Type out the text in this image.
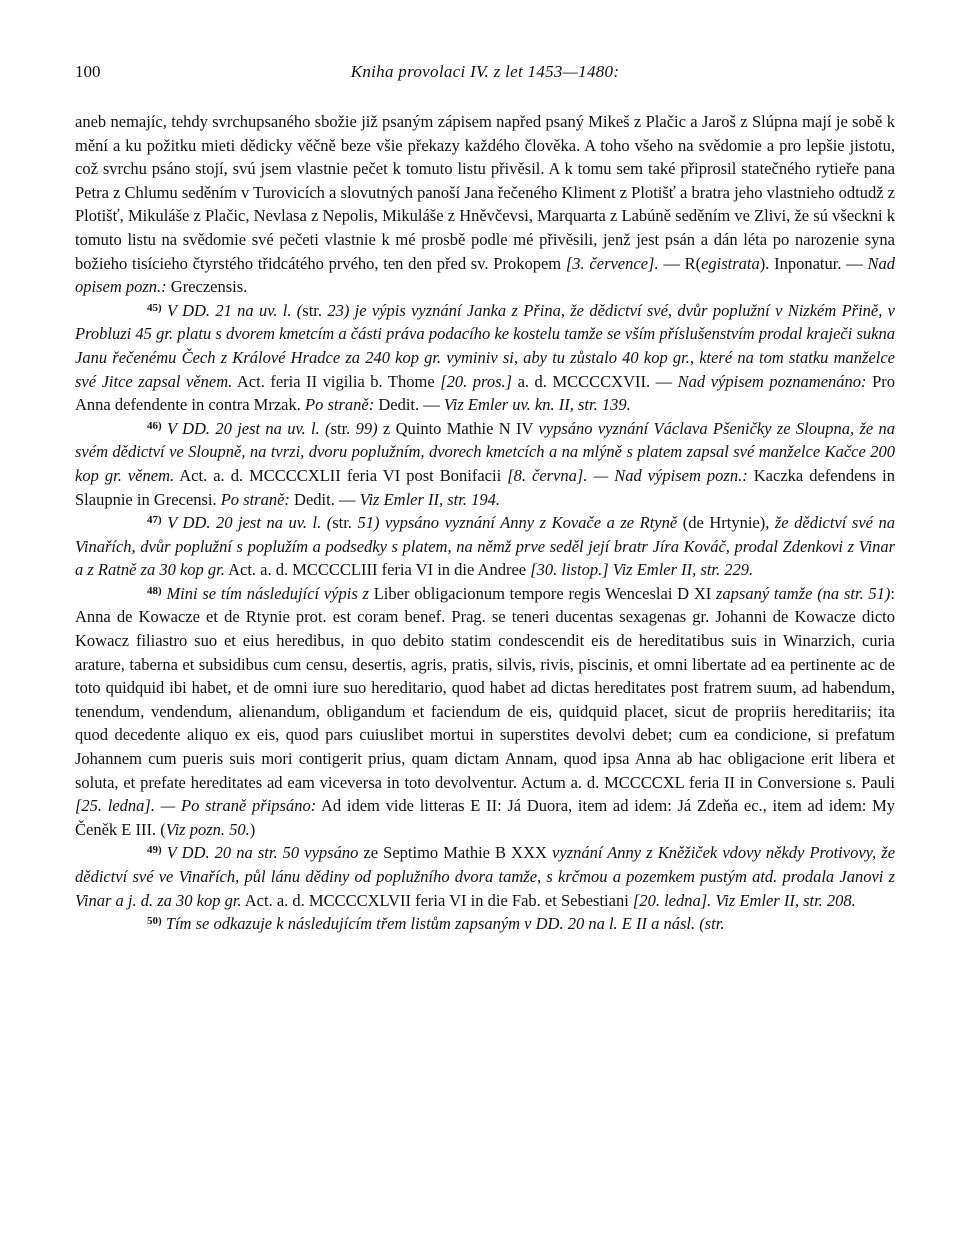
100	Kniha provolaci IV. z let 1453—1480:

aneb nemajíc, tehdy svrchupsaného sbožie již psaným zápisem napřed psaný Mikeš z Plačic a Jaroš z Slúpna mají je sobě k mění a ku požitku mieti dědicky věčně beze všie překazy každého člověka. A toho všeho na svědomie a pro lepšie jistotu, což svrchu psáno stojí, svú jsem vlastnie pečet k tomuto listu přivěsil. A k tomu sem také připrosil statečného rytieře pana Petra z Chlumu seděním v Turovicích a slovutných panoší Jana řečeného Kliment z Plotišť a bratra jeho vlastnieho odtudž z Plotišť, Mikuláše z Plačic, Nevlasa z Nepolis, Mikuláše z Hněvčevsi, Marquarta z Labúně seděním ve Zlivi, že sú všeckni k tomuto listu na svědomie své pečeti vlastnie k mé prosbě podle mé přivěsili, jenž jest psán a dán léta po narozenie syna božieho tisícieho čtyrstého třidcátého prvého, ten den před sv. Prokopem [3. července]. — R(egistrata). Inponatur. — Nad opisem pozn.: Greczensis.

$^{45)}$ V DD. 21 na uv. l. (str. 23) je výpis vyznání Janka z Přina, že dědictví své, dvůr poplužní v Nizkém Přině, v Probluzi 45 gr. platu s dvorem kmetcím a části práva podacího ke kostelu tamže se vším příslušenstvím prodal kraječi sukna Janu řečenému Čech z Králové Hradce za 240 kop gr. vyminiv si, aby tu zůstalo 40 kop gr., které na tom statku manželce své Jitce zapsal věnem. Act. feria II vigilia b. Thome [20. pros.] a. d. MCCCCXVII. — Nad výpisem poznamenáno: Pro Anna defendente in contra Mrzak. Po straně: Dedit. — Viz Emler uv. kn. II, str. 139.

$^{46)}$ V DD. 20 jest na uv. l. (str. 99) z Quinto Mathie N IV vypsáno vyznání Václava Pšeničky ze Sloupna, že na svém dědictví ve Sloupně, na tvrzi, dvoru poplužním, dvorech kmetcích a na mlýně s platem zapsal své manželce Kačce 200 kop gr. věnem. Act. a. d. MCCCCXLII feria VI post Bonifacii [8. června]. — Nad výpisem pozn.: Kaczka defendens in Slaupnie in Grecensi. Po straně: Dedit. — Viz Emler II, str. 194.

$^{47)}$ V DD. 20 jest na uv. l. (str. 51) vypsáno vyznání Anny z Kovače a ze Rtyně (de Hrtynie), že dědictví své na Vinařích, dvůr poplužní s poplužím a podsedky s platem, na němž prve seděl její bratr Jíra Kováč, prodal Zdenkovi z Vinar a z Ratně za 30 kop gr. Act. a. d. MCCCCLIII feria VI in die Andree [30. listop.] Viz Emler II, str. 229.

$^{48)}$ Mini se tím následující výpis z Liber obligacionum tempore regis Wenceslai D XI zapsaný tamže (na str. 51): Anna de Kowacze et de Rtynie prot. est coram benef. Prag. se teneri ducentas sexagenas gr. Johanni de Kowacze dicto Kowacz filiastro suo et eius heredibus, in quo debito statim condescendit eis de hereditatibus suis in Winarzich, curia arature, taberna et subsidibus cum censu, desertis, agris, pratis, silvis, rivis, piscinis, et omni libertate ad ea pertinente ac de toto quidquid ibi habet, et de omni iure suo hereditario, quod habet ad dictas hereditates post fratrem suum, ad habendum, tenendum, vendendum, alienandum, obligandum et faciendum de eis, quidquid placet, sicut de propriis hereditariis; ita quod decedente aliquo ex eis, quod pars cuiuslibet mortui in superstites devolvi debet; cum ea condicione, si prefatum Johannem cum pueris suis mori contigerit prius, quam dictam Annam, quod ipsa Anna ab hac obligacione erit libera et soluta, et prefate hereditates ad eam viceversa in toto devolventur. Actum a. d. MCCCCXL feria II in Conversione s. Pauli [25. ledna]. — Po straně připsáno: Ad idem vide litteras E II: Já Duora, item ad idem: Já Zdeňa ec., item ad idem: My Čeněk E III. (Viz pozn. 50.)

$^{49)}$ V DD. 20 na str. 50 vypsáno ze Septimo Mathie B XXX vyznání Anny z Kněžiček vdovy někdy Protivovy, že dědictví své ve Vinařích, půl lánu dědiny od poplužního dvora tamže, s krčmou a pozemkem pustým atd. prodala Janovi z Vinar a j. d. za 30 kop gr. Act. a. d. MCCCCXLVII feria VI in die Fab. et Sebestiani [20. ledna]. Viz Emler II, str. 208.

$^{50)}$ Tím se odkazuje k následujícím třem listům zapsaným v DD. 20 na l. E II a násl. (str.
